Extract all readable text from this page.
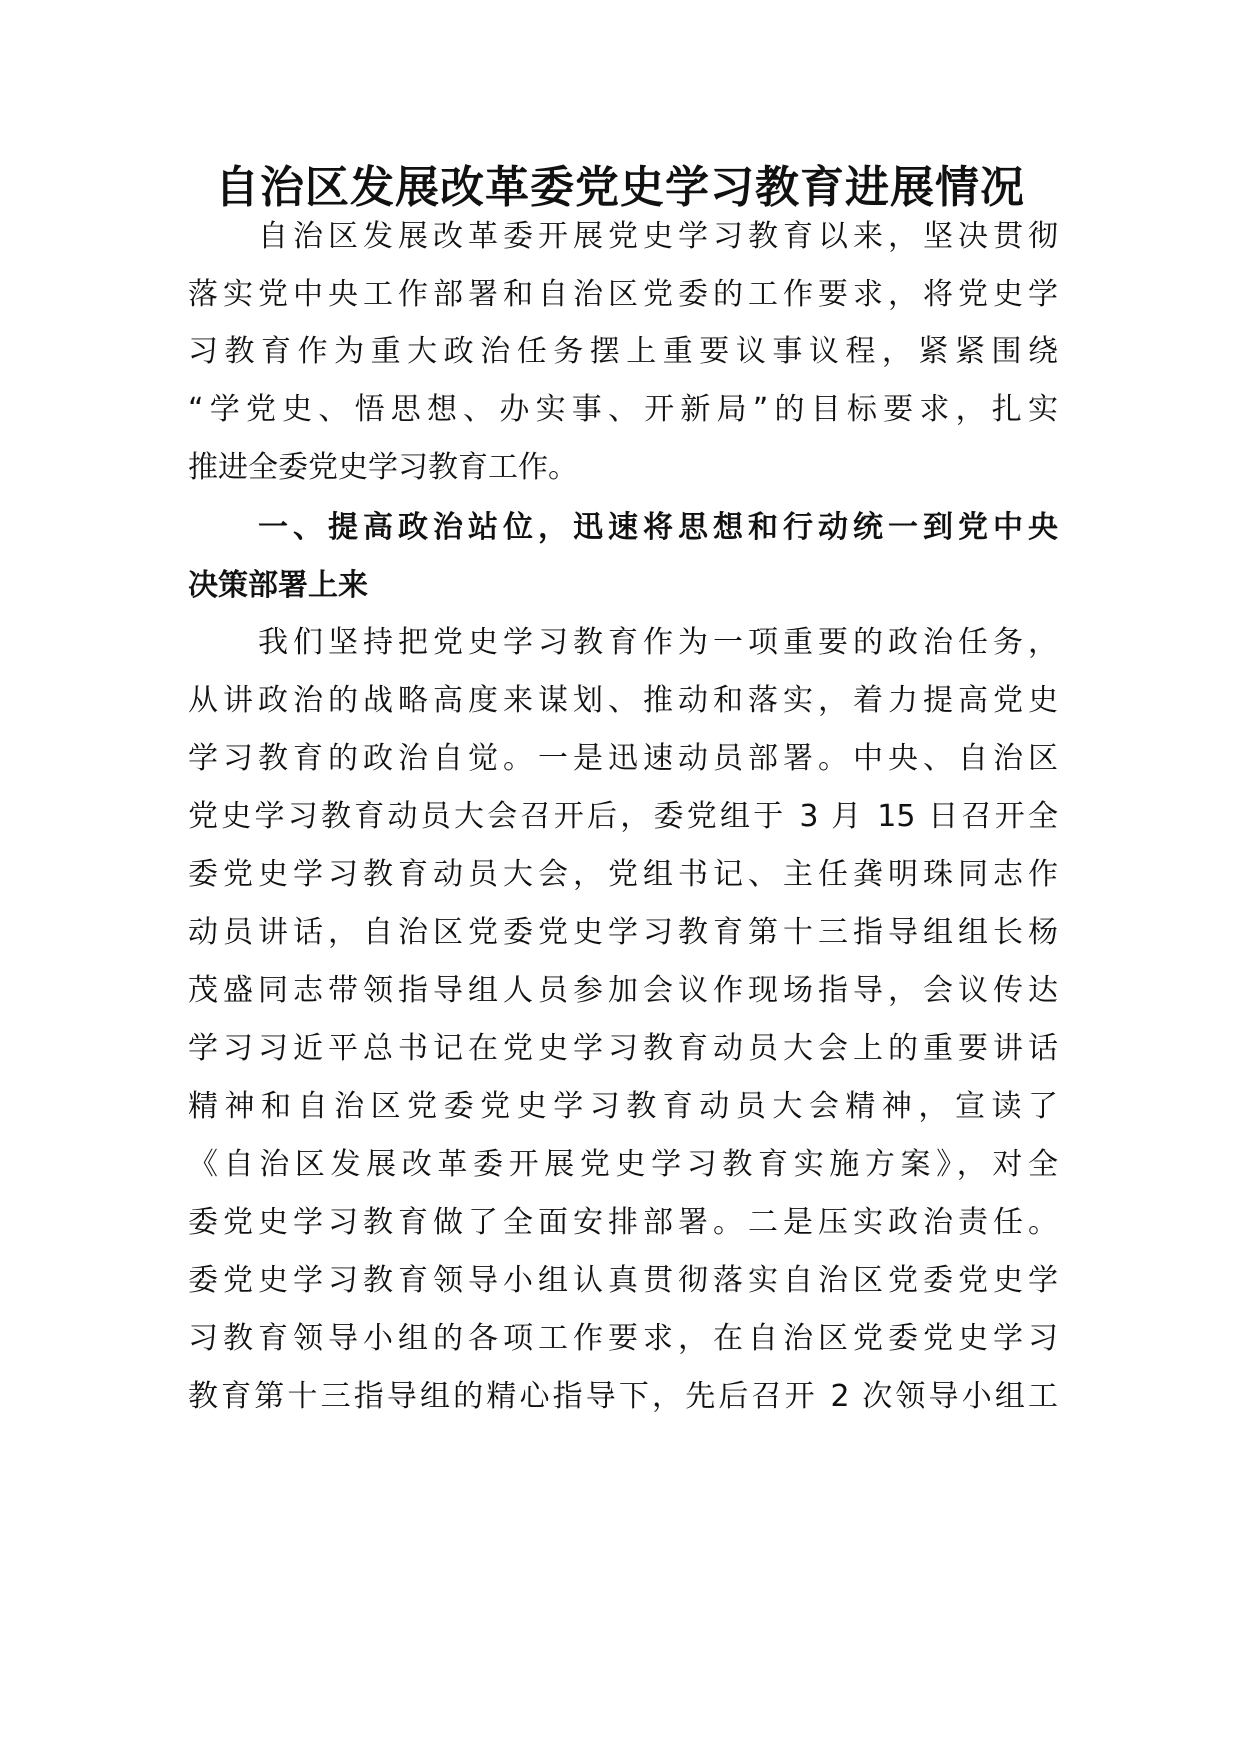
自治区发展改革委党史学习教育进展情况
　　自治区发展改革委开展党史学习教育以来，坚决贯彻
落实党中央工作部署和自治区党委的工作要求，将党史学
习教育作为重大政治任务摆上重要议事议程，紧紧围绕
“学党史、悟思想、办实事、开新局”的目标要求，扎实
推进全委党史学习教育工作。
　　一、提高政治站位，迅速将思想和行动统一到党中央
决策部署上来
　　我们坚持把党史学习教育作为一项重要的政治任务，
从讲政治的战略高度来谋划、推动和落实，着力提高党史
学习教育的政治自觉。一是迅速动员部署。中央、自治区
党史学习教育动员大会召开后，委党组于 3 月 15 日召开全
委党史学习教育动员大会，党组书记、主任龚明珠同志作
动员讲话，自治区党委党史学习教育第十三指导组组长杨
茂盛同志带领指导组人员参加会议作现场指导，会议传达
学习习近平总书记在党史学习教育动员大会上的重要讲话
精神和自治区党委党史学习教育动员大会精神，宣读了
《自治区发展改革委开展党史学习教育实施方案》，对全
委党史学习教育做了全面安排部署。二是压实政治责任。
委党史学习教育领导小组认真贯彻落实自治区党委党史学
习教育领导小组的各项工作要求，在自治区党委党史学习
教育第十三指导组的精心指导下，先后召开 2 次领导小组工
